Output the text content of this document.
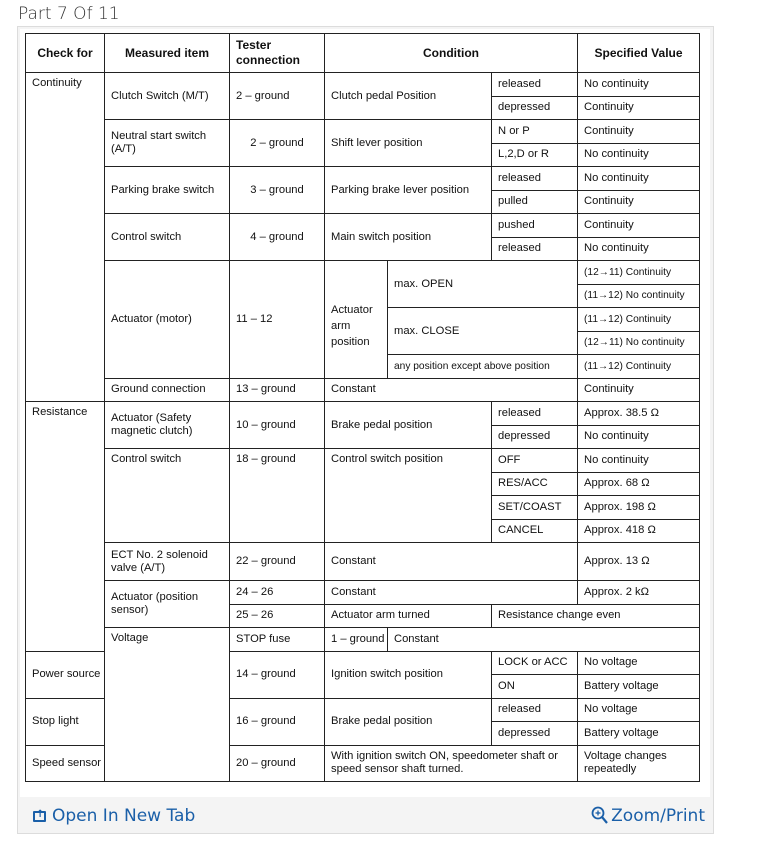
Part 7 Of 11
Check for	Measured item	Tester connection	Condition	Specified Value
Continuity	Clutch Switch (M/T)	2 – ground	Clutch pedal Position	released	No continuity
depressed	Continuity
Neutral start switch (A/T)	2 – ground	Shift lever position	N or P	Continuity
L,2,D or R	No continuity
Parking brake switch	3 – ground	Parking brake lever position	released	No continuity
pulled	Continuity
Control switch	4 – ground	Main switch position	pushed	Continuity
released	No continuity
Actuator (motor)	11 – 12	Actuator arm position	max. OPEN	(12→11) Continuity
(11→12) No continuity
max. CLOSE	(11→12) Continuity
(12→11) No continuity
any position except above position	(11→12) Continuity
Ground connection	13 – ground	Constant	Continuity
Resistance	Actuator (Safety magnetic clutch)	10 – ground	Brake pedal position	released	Approx. 38.5 Ω
depressed	No continuity
Control switch	18 – ground	Control switch position	OFF	No continuity
RES/ACC	Approx. 68 Ω
SET/COAST	Approx. 198 Ω
CANCEL	Approx. 418 Ω
ECT No. 2 solenoid valve (A/T)	22 – ground	Constant	Approx. 13 Ω
Actuator (position sensor)	24 – 26	Constant	Approx. 2 kΩ
25 – 26	Actuator arm turned	Resistance change even
Voltage	STOP fuse	1 – ground	Constant	
Power source	14 – ground	Ignition switch position	LOCK or ACC	No voltage
ON	Battery voltage
Stop light	16 – ground	Brake pedal position	released	No voltage
depressed	Battery voltage
Speed sensor	20 – ground	With ignition switch ON, speedometer shaft or speed sensor shaft turned.	Voltage changes repeatedly
↑
Open In New Tab	Zoom/Print
